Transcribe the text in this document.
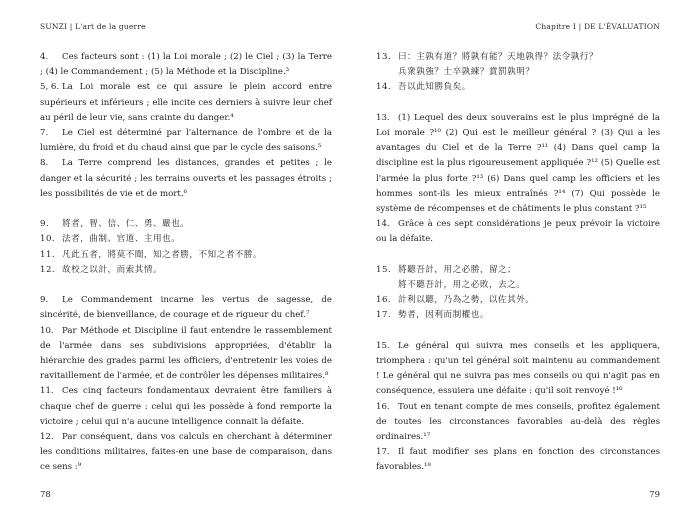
SUNZI | L'art de la guerre

4. Ces facteurs sont : (1) la Loi morale ; (2) le Ciel ; (3) la Terre ; (4) le Commandement ; (5) la Méthode et la Discipline.³

5, 6. La Loi morale est ce qui assure le plein accord entre supérieurs et inférieurs ; elle incite ces derniers à suivre leur chef au péril de leur vie, sans crainte du danger.⁴

7. Le Ciel est déterminé par l'alternance de l'ombre et de la lumière, du froid et du chaud ainsi que par le cycle des saisons.⁵

8. La Terre comprend les distances, grandes et petites ; le danger et la sécurité ; les terrains ouverts et les passages étroits ; les possibilités de vie et de mort.⁶

9. 將者，智、信、仁、勇、嚴也。

10. 法者，曲制、官道、主用也。

11. 凡此五者，將莫不聞，知之者勝，不知之者不勝。

12. 故校之以計，而索其情。

9. Le Commandement incarne les vertus de sagesse, de sincérité, de bienveillance, de courage et de rigueur du chef.⁷

10. Par Méthode et Discipline il faut entendre le rassemblement de l'armée dans ses subdivisions appropriées, d'établir la hiérarchie des grades parmi les officiers, d'entretenir les voies de ravitaillement de l'armée, et de contrôler les dépenses militaires.⁸

11. Ces cinq facteurs fondamentaux devraient être familiers à chaque chef de guerre : celui qui les possède à fond remporte la victoire ; celui qui n'a aucune intelligence connait la défaite.

12. Par conséquent, dans vos calculs en cherchant à déterminer les conditions militaires, faites-en une base de comparaison, dans ce sens :⁹

78
Chapitre I | DE L'ÉVALUATION

13. 曰：主孰有道？將孰有能？天地孰得？法令孰行？

兵衆孰強？士卒孰練？賞罰孰明？

14. 吾以此知勝負矣。

13. (1) Lequel des deux souverains est le plus imprégné de la Loi morale ?¹⁰ (2) Qui est le meilleur général ? (3) Qui a les avantages du Ciel et de la Terre ?¹¹ (4) Dans quel camp la discipline est la plus rigoureusement appliquée ?¹² (5) Quelle est l'armée la plus forte ?¹³ (6) Dans quel camp les officiers et les hommes sont-ils les mieux entraînés ?¹⁴ (7) Qui possède le système de récompenses et de châtiments le plus constant ?¹⁵

14. Grâce à ces sept considérations je peux prévoir la victoire ou la défaite.

15. 將聽吾計，用之必勝，留之；

將不聽吾計，用之必敗，去之。

16. 計利以聽，乃為之勢，以佐其外。

17. 勢者，因利而制權也。

15. Le général qui suivra mes conseils et les appliquera, triomphera : qu'un tel général soit maintenu au commandement ! Le général qui ne suivra pas mes conseils ou qui n'agit pas en conséquence, essuiera une défaite : qu'il soit renvoyé !¹⁶

16. Tout en tenant compte de mes conseils, profitez également de toutes les circonstances favorables au-delà des règles ordinaires.¹⁷

17. Il faut modifier ses plans en fonction des circonstances favorables.¹⁸

79
